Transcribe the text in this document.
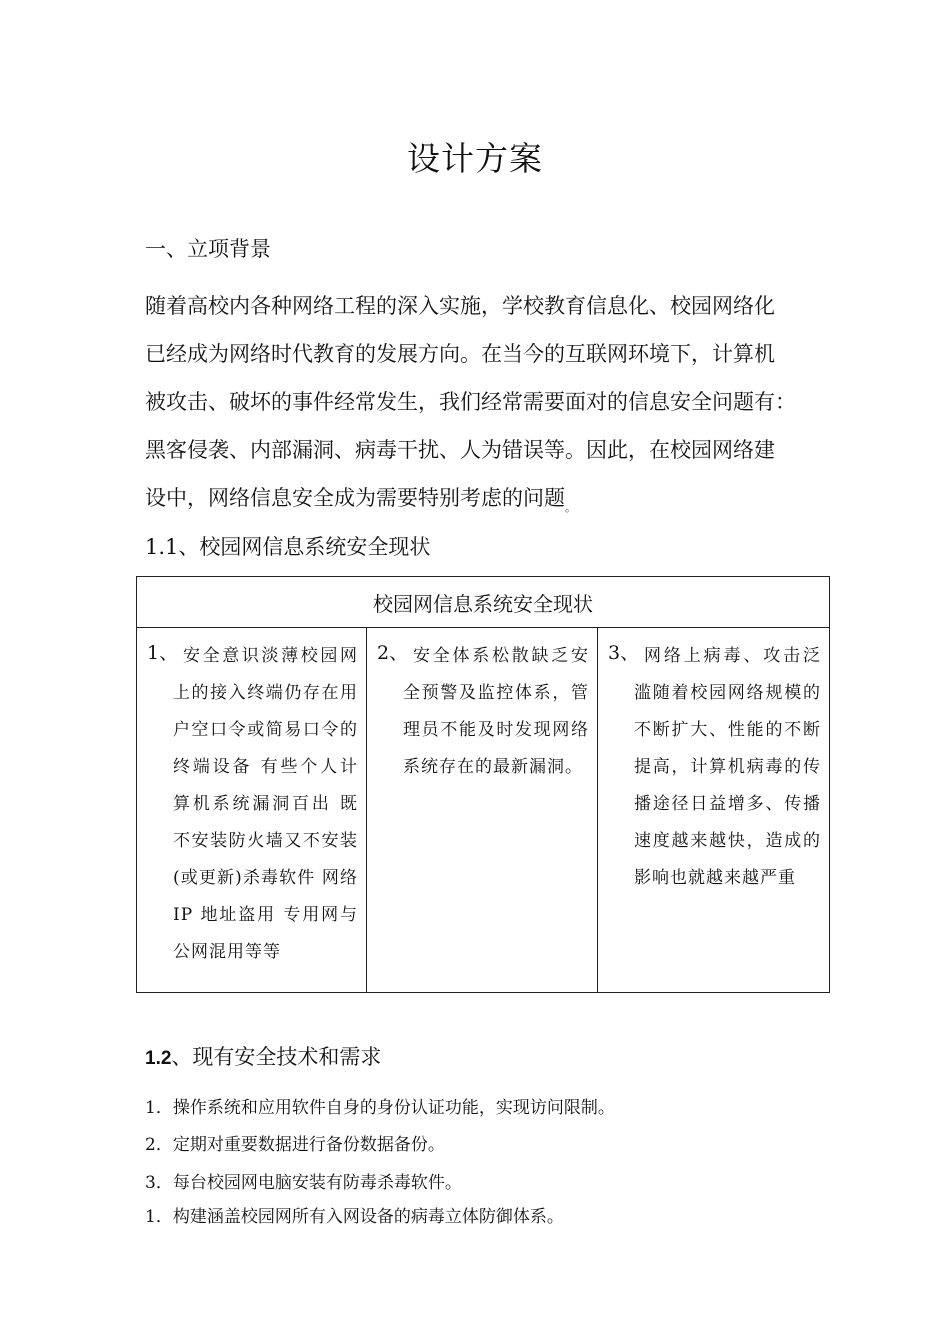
设计方案
一、立项背景

随着高校内各种网络工程的深入实施，学校教育信息化、校园网络化

已经成为网络时代教育的发展方向。在当今的互联网环境下，计算机

被攻击、破坏的事件经常发生，我们经常需要面对的信息安全问题有：

黑客侵袭、内部漏洞、病毒干扰、人为错误等。因此，在校园网络建

设中，网络信息安全成为需要特别考虑的问题$_。$

1.1、校园网信息系统安全现状
校园网信息系统安全现状

1、 安全意识淡薄校园网上的接入终端仍存在用户空口令或简易口令的终端设备 有些个人计算机系统漏洞百出 既不安装防火墙又不安装(或更新)杀毒软件 网络 IP 地址盗用 专用网与公网混用等等

2、 安全体系松散缺乏安全预警及监控体系，管理员不能及时发现网络系统存在的最新漏洞。

3、 网络上病毒、攻击泛滥随着校园网络规模的不断扩大、性能的不断提高，计算机病毒的传播途径日益增多、传播速度越来越快，造成的影响也就越来越严重
1.2、现有安全技术和需求
1．操作系统和应用软件自身的身份认证功能，实现访问限制。
2．定期对重要数据进行备份数据备份。
3．每台校园网电脑安装有防毒杀毒软件。
1．构建涵盖校园网所有入网设备的病毒立体防御体系。
